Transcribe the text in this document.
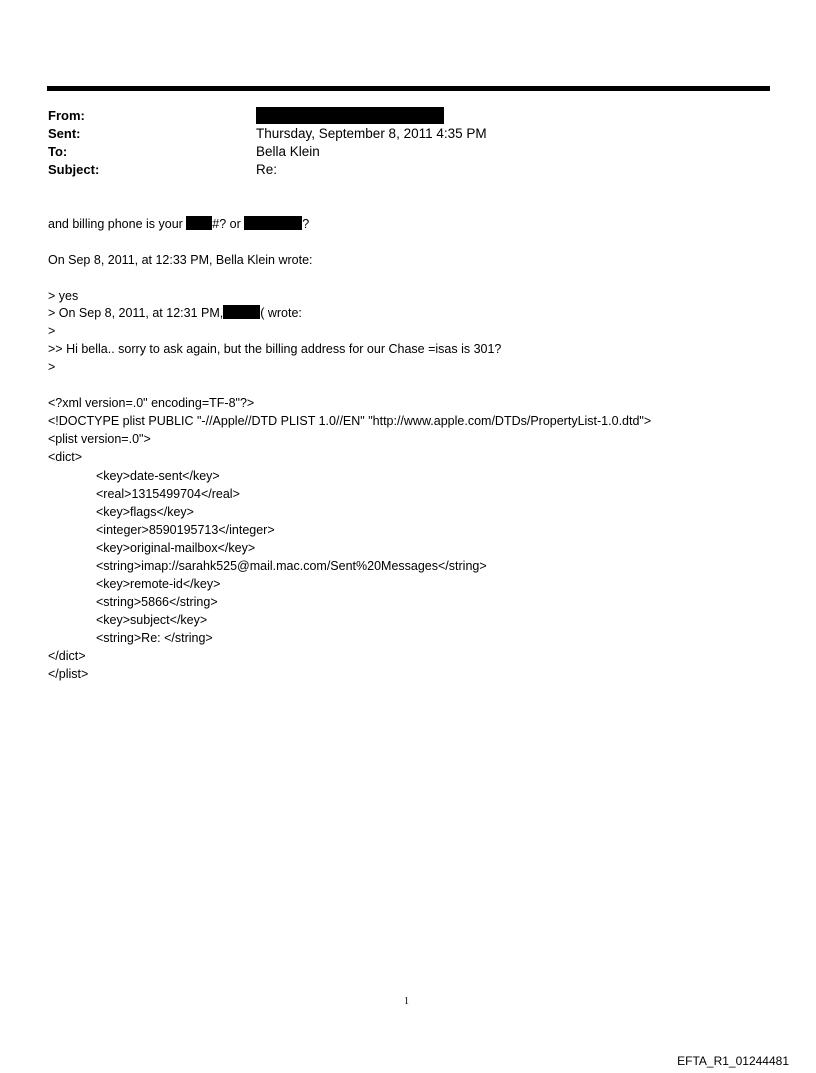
From:
Sent:	Thursday, September 8, 2011 4:35 PM
To:	Bella Klein
Subject:	Re:
and billing phone is your #? or	?
On Sep 8, 2011, at 12:33 PM, Bella Klein wrote:
> yes
> On Sep 8, 2011, at 12:31 PM,	( wrote:
>
>> Hi bella.. sorry to ask again, but the billing address for our Chase =isas is 301?
>
<?xml version=.0" encoding=TF-8"?>
<!DOCTYPE plist PUBLIC "-//Apple//DTD PLIST 1.0//EN" "http://www.apple.com/DTDs/PropertyList-1.0.dtd">
<plist version=.0">
<dict>
<key>date-sent</key>
<real>1315499704</real>
<key>flags</key>
<integer>8590195713</integer>
<key>original-mailbox</key>
<string>imap://sarahk525@mail.mac.com/Sent%20Messages</string>
<key>remote-id</key>
<string>5866</string>
<key>subject</key>
<string>Re: </string>
</dict>
</plist>
1
EFTA_R1_01244481
